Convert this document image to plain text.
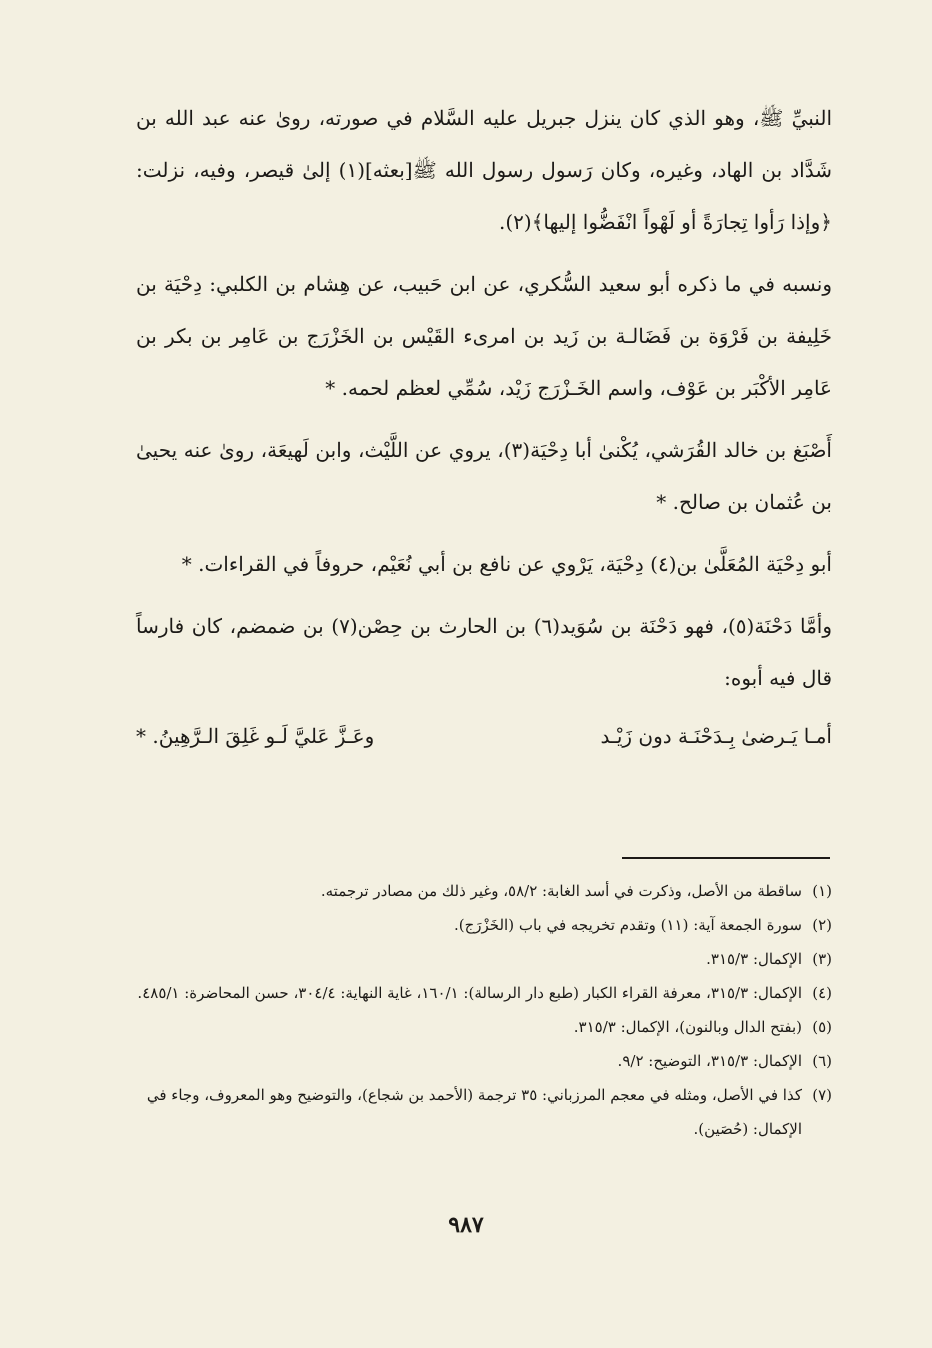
النبيِّ ﷺ، وهو الذي كان ينزل جبريل عليه السَّلام في صورته، روىٰ عنه عبد الله بن شَدَّاد بن الهاد، وغيره، وكان رَسول رسول الله ﷺ[بعثه](١) إلىٰ قيصر، وفيه، نزلت: ﴿وإذا رَأوا تِجارَةً أو لَهْواً انْفَضُّوا إليها﴾(٢).

ونسبه في ما ذكره أبو سعيد السُّكري، عن ابن حَبيب، عن هِشام بن الكلبي: دِحْيَة بن خَلِيفة بن فَرْوَة بن فَضَالـة بن زَيد بن امرىء القَيْس بن الخَزْرَج بن عَامِر بن بكر بن عَامِر الأكْبَر بن عَوْف، واسم الخَـزْرَج زَيْد، سُمِّي لعظم لحمه. *

أَصْبَغ بن خالد القُرَشي، يُكْنىٰ أبا دِحْيَة(٣)، يروي عن اللَّيْث، وابن لَهيعَة، روىٰ عنه يحيىٰ بن عُثمان بن صالح. *

أبو دِحْيَة المُعَلَّىٰ بن(٤) دِحْيَة، يَرْوي عن نافع بن أبي نُعَيْم، حروفاً في القراءات. *

وأمَّا دَحْنَة(٥)، فهو دَحْنَة بن سُوَيد(٦) بن الحارث بن حِصْن(٧) بن ضمضم، كان فارساً قال فيه أبوه:

أمـا يَـرضىٰ بِـدَحْنَـة دون زَيْـد
وعَـزَّ عَليَّ لَـو غَلِقَ الـرَّهِينُ. *
(١)
ساقطة من الأصل، وذكرت في أسد الغابة: ٥٨/٢، وغير ذلك من مصادر ترجمته.
(٢)
سورة الجمعة آية: (١١) وتقدم تخريجه في باب (الخَزْرَج).
(٣)
الإكمال: ٣١٥/٣.
(٤)
الإكمال: ٣١٥/٣، معرفة القراء الكبار (طبع دار الرسالة): ١٦٠/١، غاية النهاية: ٣٠٤/٤، حسن المحاضرة: ٤٨٥/١.
(٥)
(بفتح الدال وبالنون)، الإكمال: ٣١٥/٣.
(٦)
الإكمال: ٣١٥/٣، التوضيح: ٩/٢.
(٧)
كذا في الأصل، ومثله في معجم المرزباني: ٣٥ ترجمة (الأحمد بن شجاع)، والتوضيح وهو المعروف، وجاء في الإكمال: (حُصَين).
٩٨٧
